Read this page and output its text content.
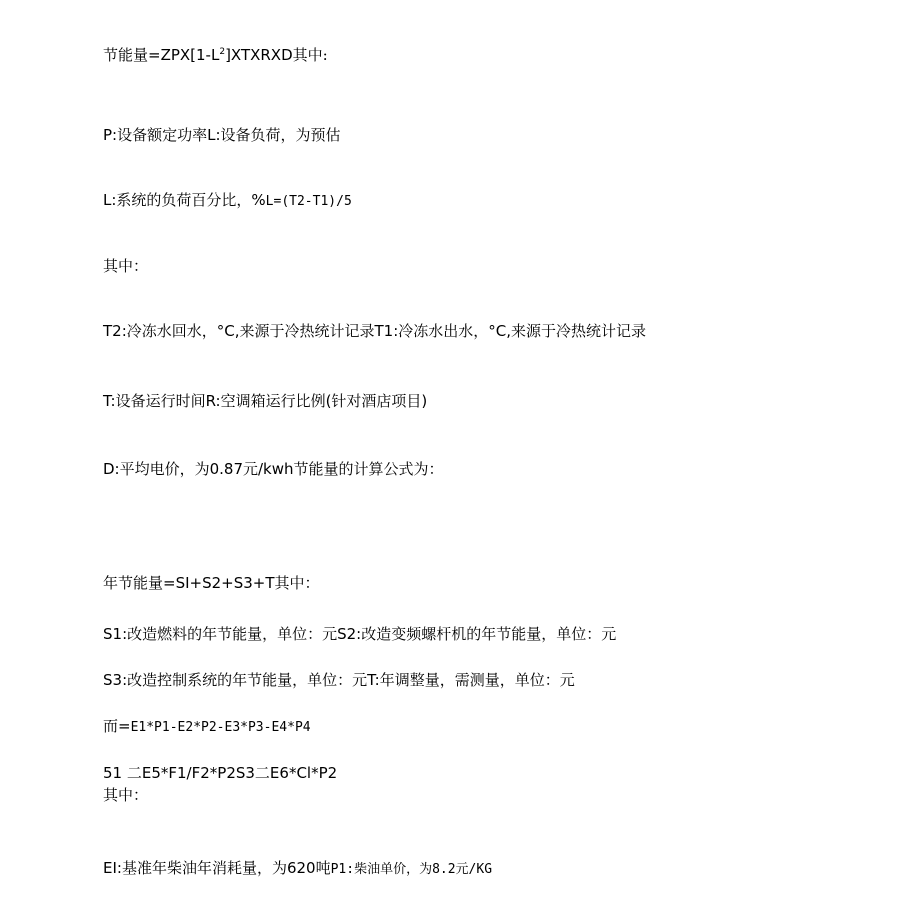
节能量$=ZPX[1-L^2]XTXRXD$其中:
P:设备额定功率L:设备负荷，为预估
L:系统的负荷百分比，%L=(T2-T1)/5
其中：
T2:冷冻水回水，°C,来源于冷热统计记录T1:冷冻水出水，°C,来源于冷热统计记录
T:设备运行时间R:空调箱运行比例(针对酒店项目)
D:平均电价，为0.87元/kwh节能量的计算公式为：
年节能量=SI+S2+S3+T其中：
S1:改造燃料的年节能量，单位：元S2:改造变频螺杆机的年节能量，单位：元
S3:改造控制系统的年节能量，单位：元T:年调整量，需测量，单位：元
而=E1*P1-E2*P2-E3*P3-E4*P4
51 二E5*F1/F2*P2S3二E6*Cl*P2
其中：
EI:基准年柴油年消耗量，为620吨P1:柴油单价，为8.2元/KG
